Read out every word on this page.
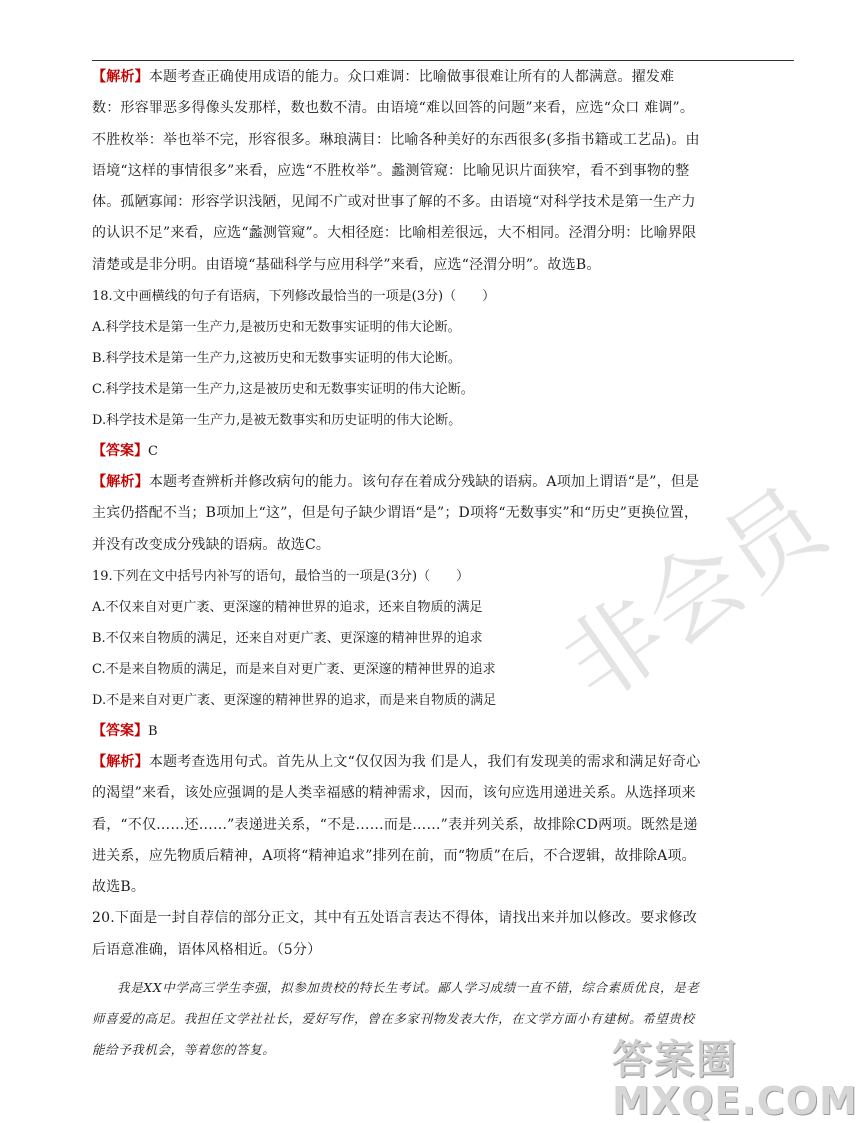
非会员

【解析】本题考查正确使用成语的能力。众口难调：比喻做事很难让所有的人都满意。擢发难数：形容罪恶多得像头发那样，数也数不清。由语境“难以回答的问题”来看，应选“众口 难调”。不胜枚举：举也举不完，形容很多。琳琅满目：比喻各种美好的东西很多(多指书籍或工艺品)。由语境“这样的事情很多”来看，应选“不胜枚举”。蠡测管窥：比喻见识片面狭窄，看不到事物的整体。孤陋寡闻：形容学识浅陋，见闻不广或对世事了解的不多。由语境“对科学技术是第一生产力的认识不足”来看，应选“蠡测管窥”。大相径庭：比喻相差很远，大不相同。泾渭分明：比喻界限清楚或是非分明。由语境“基础科学与应用科学”来看，应选“泾渭分明”。故选B。

18.文中画横线的句子有语病，下列修改最恰当的一项是(3分)（　　）

A.科学技术是第一生产力,是被历史和无数事实证明的伟大论断。

B.科学技术是第一生产力,这被历史和无数事实证明的伟大论断。

C.科学技术是第一生产力,这是被历史和无数事实证明的伟大论断。

D.科学技术是第一生产力,是被无数事实和历史证明的伟大论断。

【答案】C

【解析】本题考查辨析并修改病句的能力。该句存在着成分残缺的语病。A项加上谓语“是”，但是主宾仍搭配不当；B项加上“这”，但是句子缺少谓语“是”；D项将“无数事实”和“历史”更换位置，并没有改变成分残缺的语病。故选C。

19.下列在文中括号内补写的语句，最恰当的一项是(3分)（　　）

A.不仅来自对更广袤、更深邃的精神世界的追求，还来自物质的满足

B.不仅来自物质的满足，还来自对更广袤、更深邃的精神世界的追求

C.不是来自物质的满足，而是来自对更广袤、更深邃的精神世界的追求

D.不是来自对更广袤、更深邃的精神世界的追求，而是来自物质的满足

【答案】B

【解析】本题考查选用句式。首先从上文“仅仅因为我 们是人，我们有发现美的需求和满足好奇心的渴望”来看，该处应强调的是人类幸福感的精神需求，因而，该句应选用递进关系。从选择项来看，“不仅……还……”表递进关系，“不是……而是……”表并列关系，故排除CD两项。既然是递进关系，应先物质后精神，A项将“精神追求”排列在前，而“物质”在后，不合逻辑，故排除A项。故选B。

20.下面是一封自荐信的部分正文，其中有五处语言表达不得体，请找出来并加以修改。要求修改后语意准确，语体风格相近。（5分）

我是XX中学高三学生李强，拟参加贵校的特长生考试。鄙人学习成绩一直不错，综合素质优良，是老师喜爱的高足。我担任文学社社长，爱好写作，曾在多家刊物发表大作，在文学方面小有建树。希望贵校能给予我机会，等着您的答复。	答案圈
MXQE.COM
